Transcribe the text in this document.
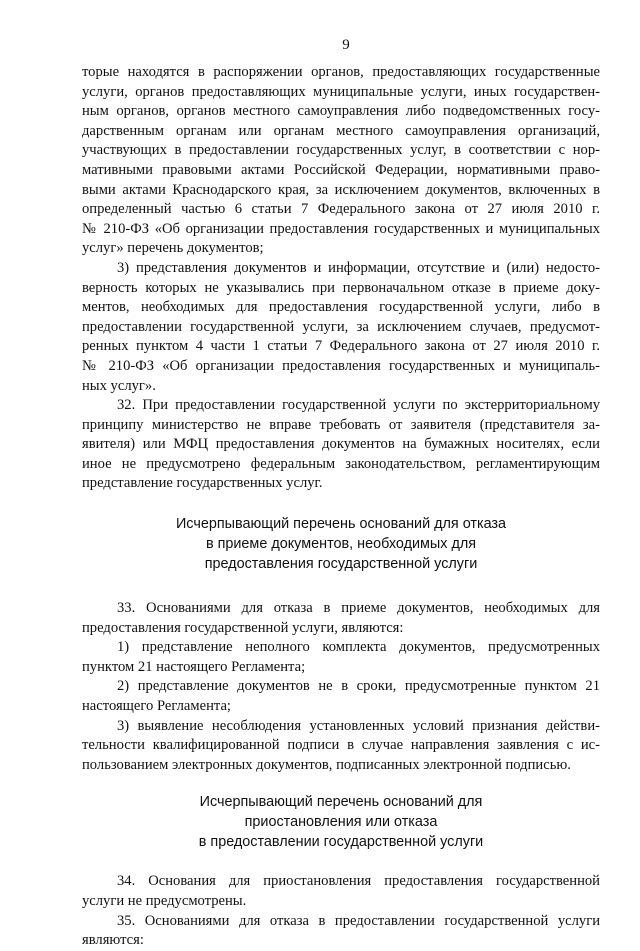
9
торые находятся в распоряжении органов, предоставляющих государственные
услуги, органов предоставляющих муниципальные услуги, иных государствен-
ным органов, органов местного самоуправления либо подведомственных госу-
дарственным органам или органам местного самоуправления организаций,
участвующих в предоставлении государственных услуг, в соответствии с нор-
мативными правовыми актами Российской Федерации, нормативными право-
выми актами Краснодарского края, за исключением документов, включенных в
определенный частью 6 статьи 7 Федерального закона от 27 июля 2010 г.
№ 210-ФЗ «Об организации предоставления государственных и муниципальных
услуг» перечень документов;
3) представления документов и информации, отсутствие и (или) недосто-
верность которых не указывались при первоначальном отказе в приеме доку-
ментов, необходимых для предоставления государственной услуги, либо в
предоставлении государственной услуги, за исключением случаев, предусмот-
ренных пунктом 4 части 1 статьи 7 Федерального закона от 27 июля 2010 г.
№ 210-ФЗ «Об организации предоставления государственных и муниципаль-
ных услуг».
32. При предоставлении государственной услуги по экстерриториальному
принципу министерство не вправе требовать от заявителя (представителя за-
явителя) или МФЦ предоставления документов на бумажных носителях, если
иное не предусмотрено федеральным законодательством, регламентирующим
представление государственных услуг.
Исчерпывающий перечень оснований для отказа
в приеме документов, необходимых для
предоставления государственной услуги
33. Основаниями для отказа в приеме документов, необходимых для
предоставления государственной услуги, являются:
1) представление неполного комплекта документов, предусмотренных
пунктом 21 настоящего Регламента;
2) представление документов не в сроки, предусмотренные пунктом 21
настоящего Регламента;
3) выявление несоблюдения установленных условий признания действи-
тельности квалифицированной подписи в случае направления заявления с ис-
пользованием электронных документов, подписанных электронной подписью.
Исчерпывающий перечень оснований для
приостановления или отказа
в предоставлении государственной услуги
34. Основания для приостановления предоставления государственной
услуги не предусмотрены.
35. Основаниями для отказа в предоставлении государственной услуги
являются:
